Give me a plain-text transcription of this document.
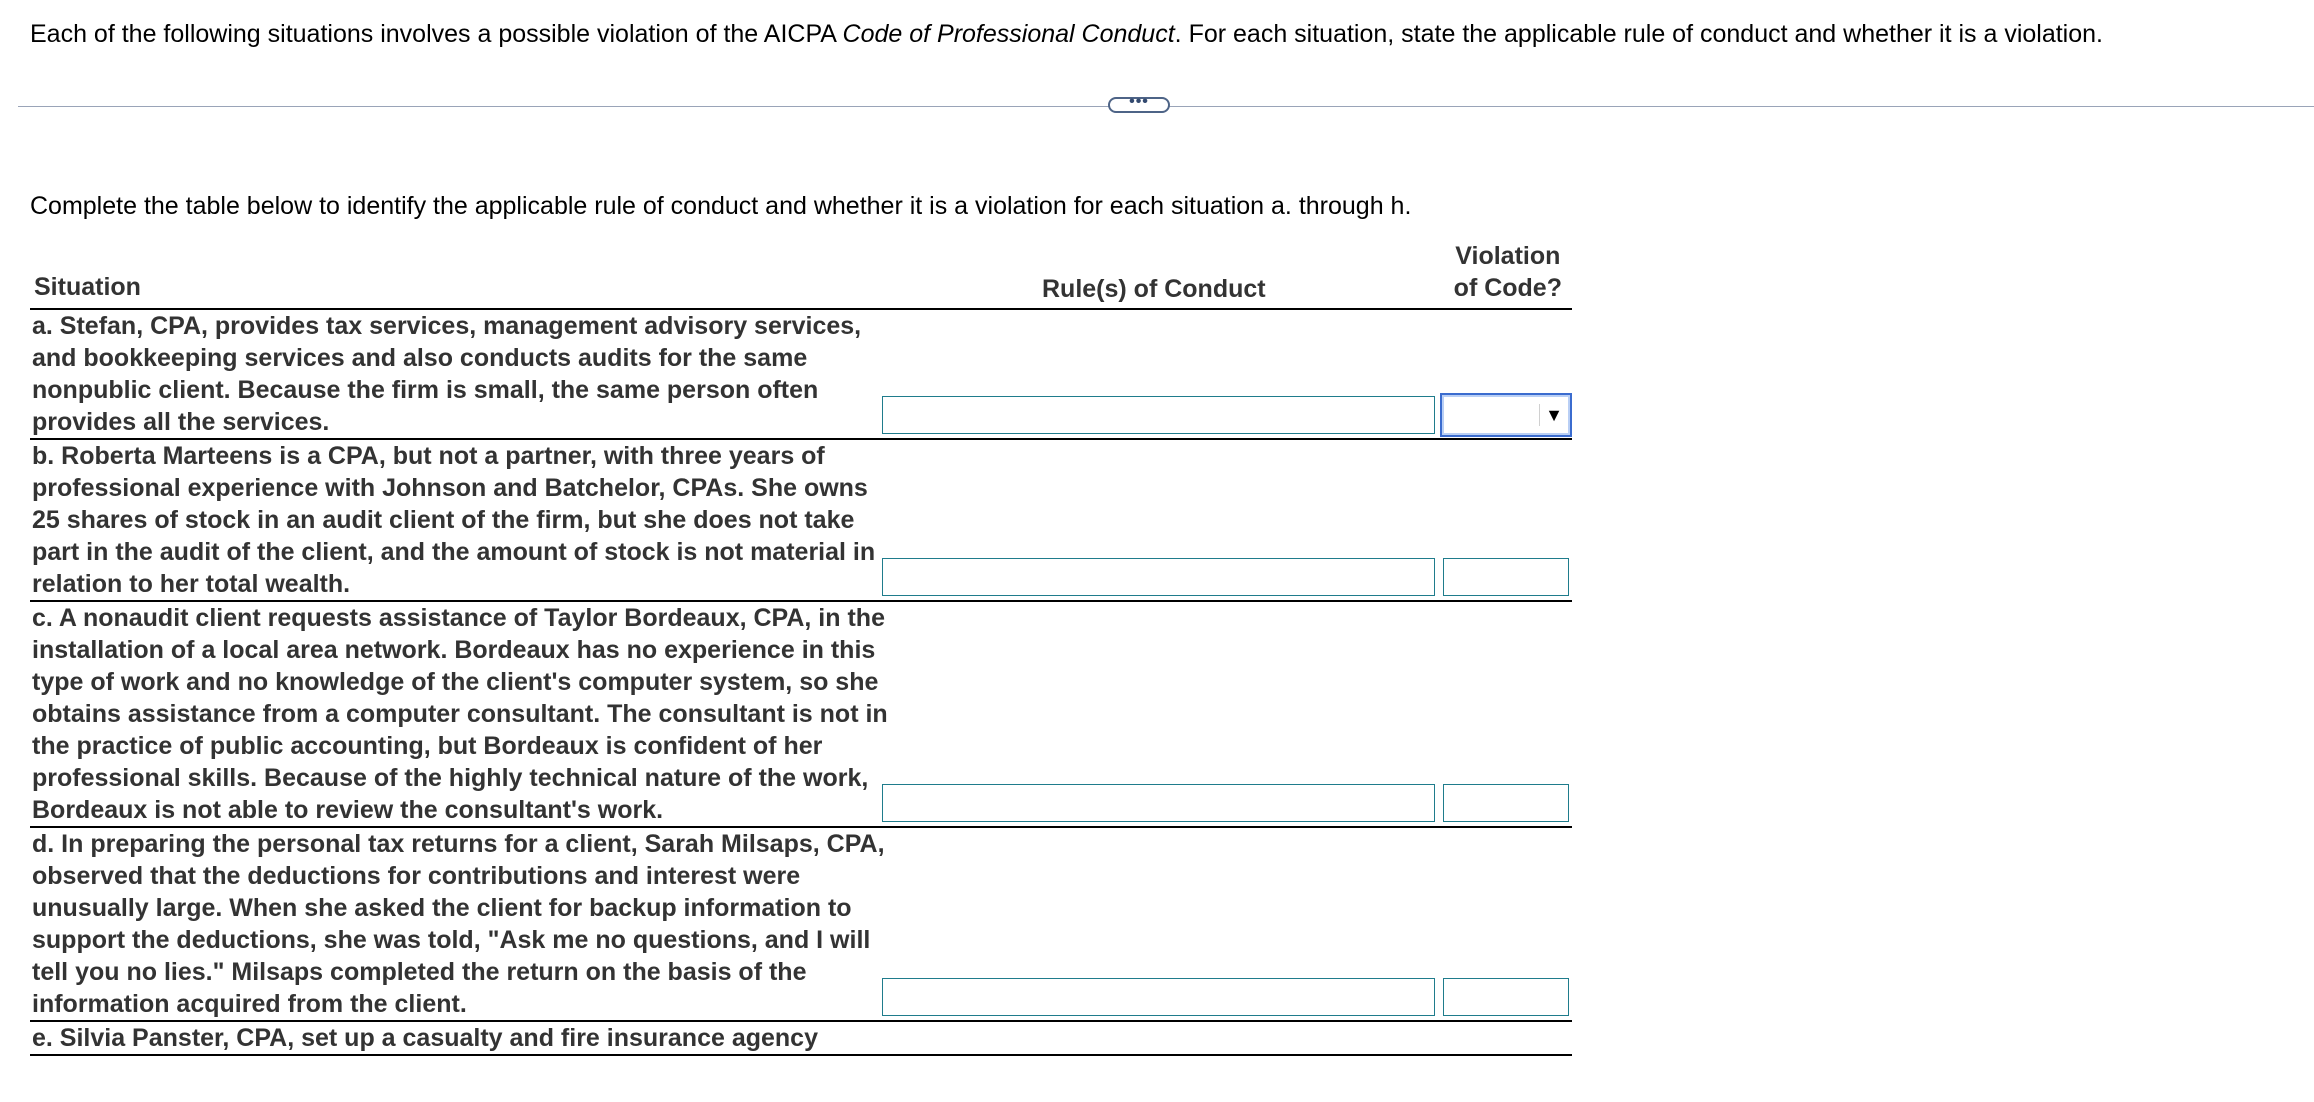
Each of the following situations involves a possible violation of the AICPA Code of Professional Conduct. For each situation, state the applicable rule of conduct and whether it is a violation.
•••
Complete the table below to identify the applicable rule of conduct and whether it is a violation for each situation a. through h.
Situation	Rule(s) of Conduct
Violation
of Code?
a. Stefan, CPA, provides tax services, management advisory services, and bookkeeping services and also conducts audits for the same nonpublic client. Because the firm is small, the same person often provides all the services.	▼
b. Roberta Marteens is a CPA, but not a partner, with three years of professional experience with Johnson and Batchelor, CPAs. She owns 25 shares of stock in an audit client of the firm, but she does not take part in the audit of the client, and the amount of stock is not material in relation to her total wealth.
c. A nonaudit client requests assistance of Taylor Bordeaux, CPA, in the installation of a local area network. Bordeaux has no experience in this type of work and no knowledge of the client's computer system, so she obtains assistance from a computer consultant. The consultant is not in the practice of public accounting, but Bordeaux is confident of her professional skills. Because of the highly technical nature of the work, Bordeaux is not able to review the consultant's work.
d. In preparing the personal tax returns for a client, Sarah Milsaps, CPA, observed that the deductions for contributions and interest were unusually large. When she asked the client for backup information to support the deductions, she was told, "Ask me no questions, and I will tell you no lies." Milsaps completed the return on the basis of the information acquired from the client.
e. Silvia Panster, CPA, set up a casualty and fire insurance agency
